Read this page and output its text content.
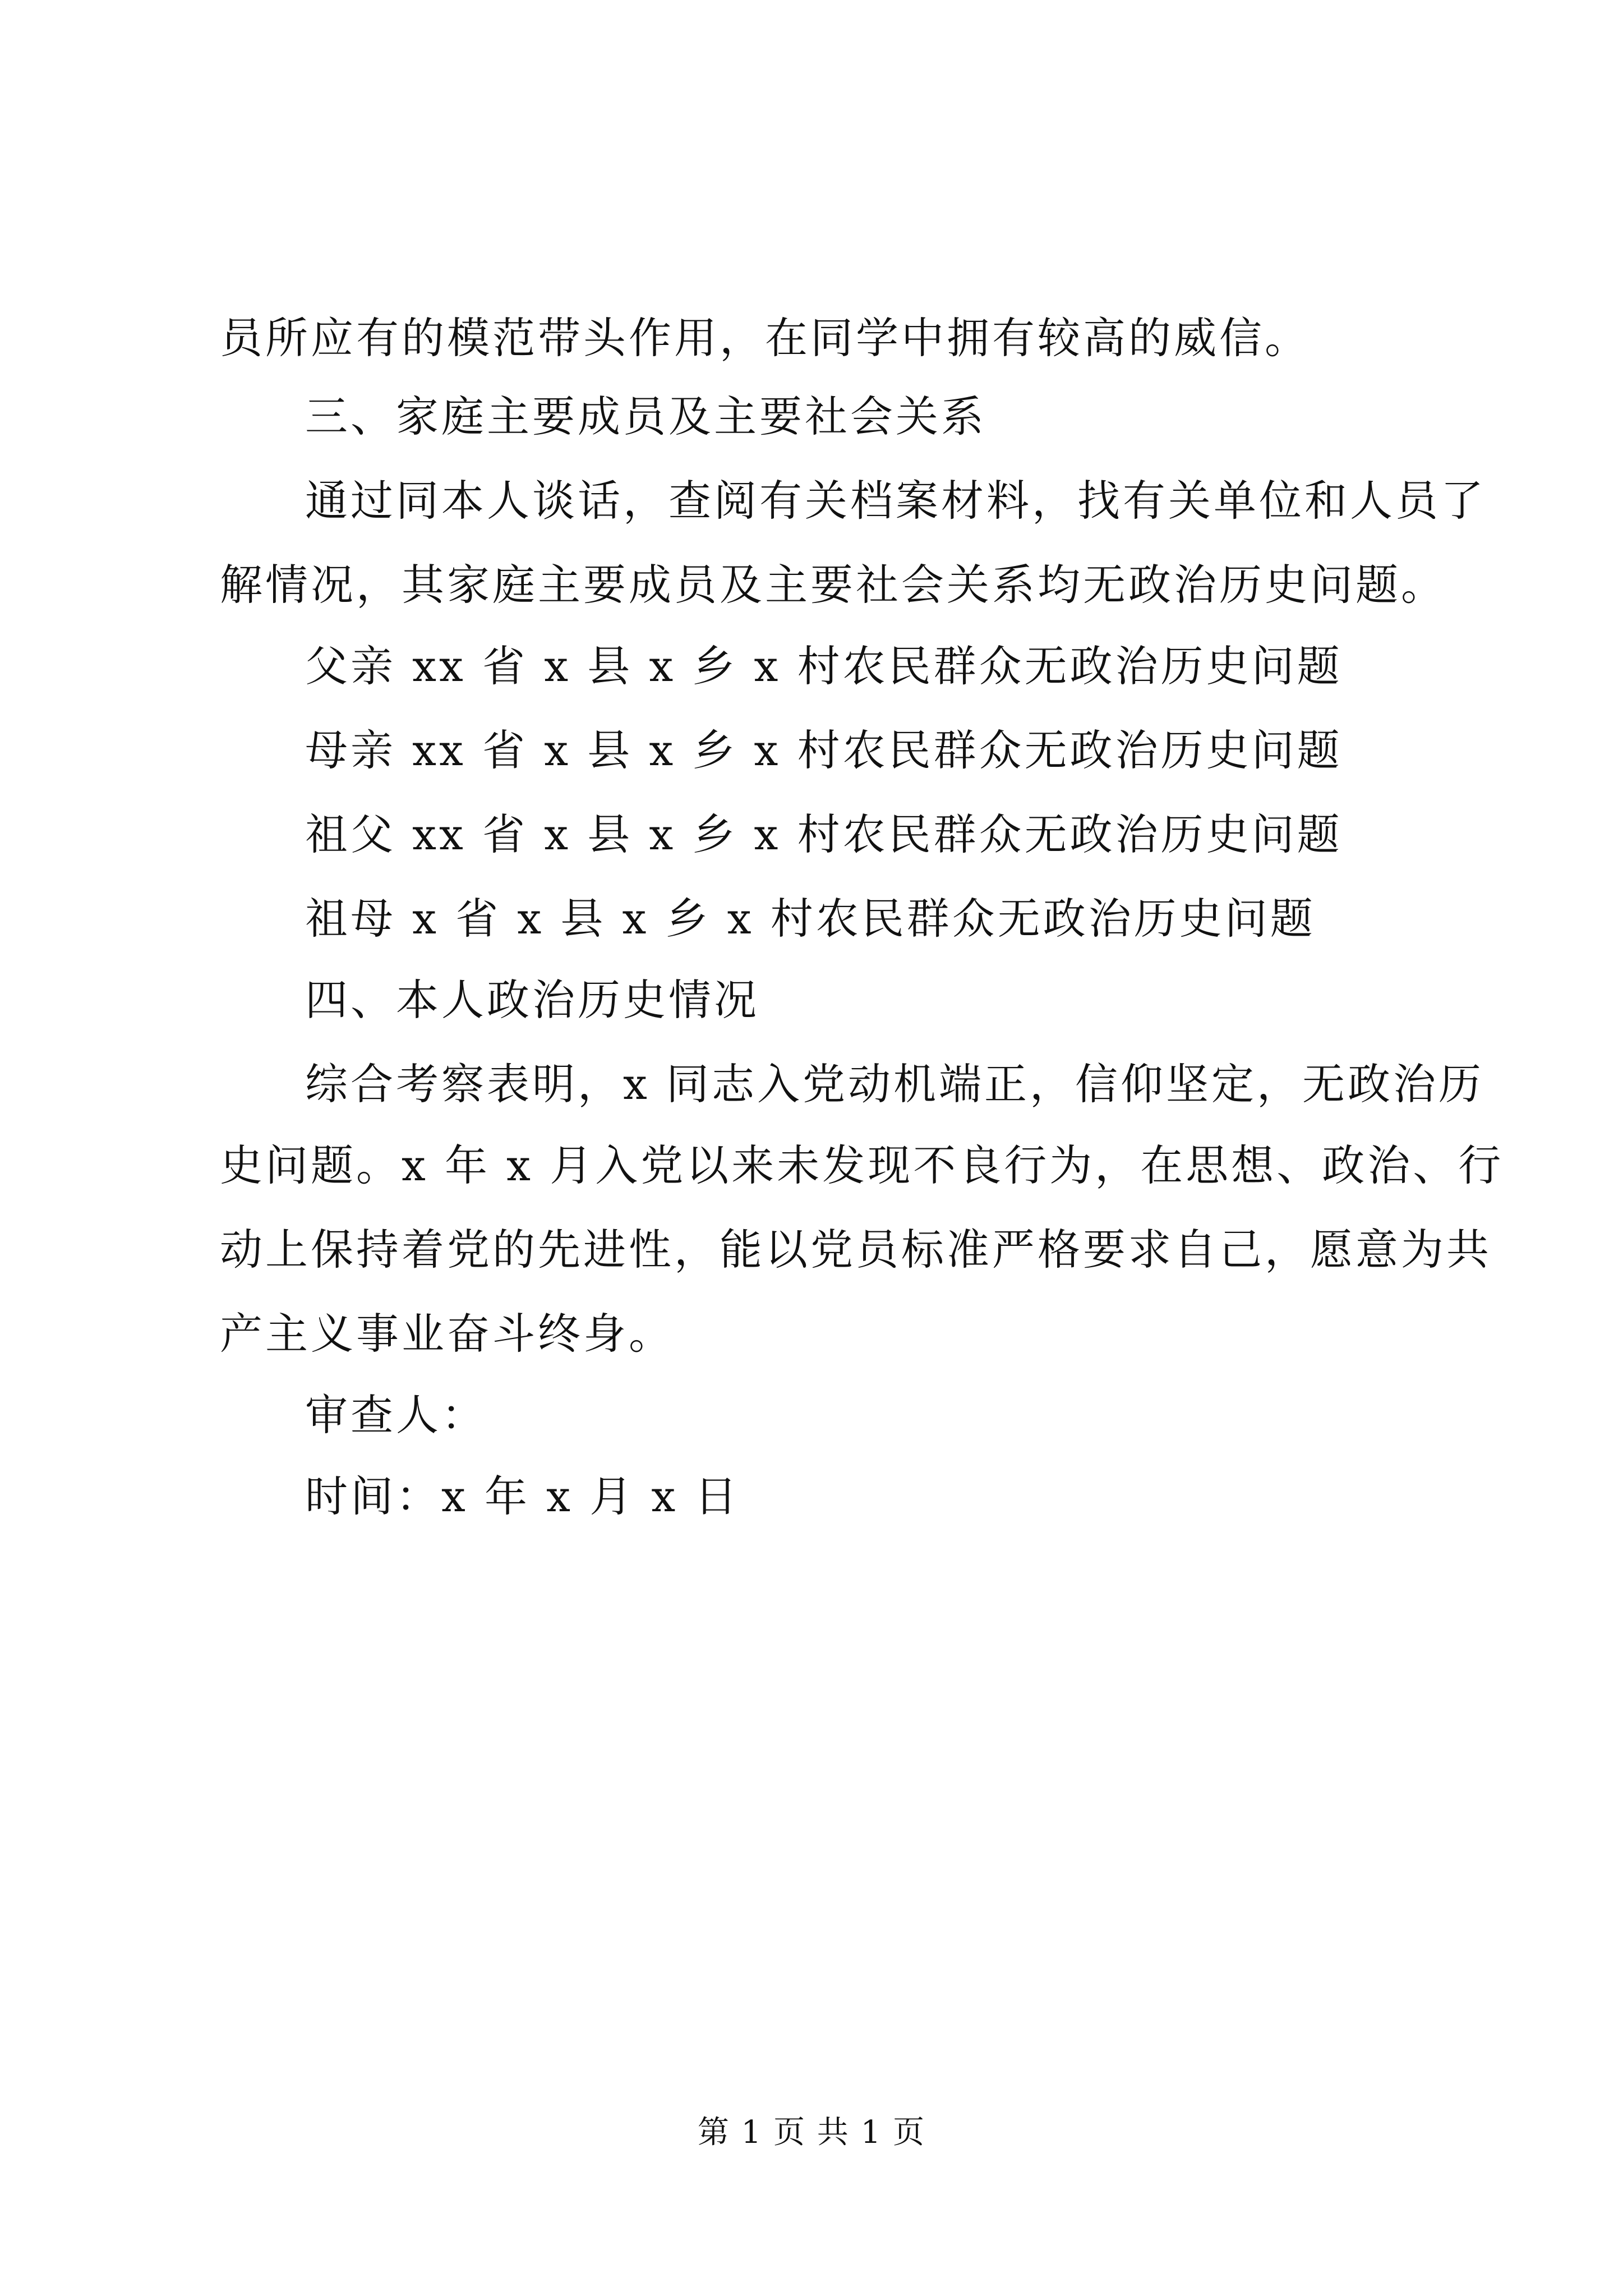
员所应有的模范带头作用，在同学中拥有较高的威信。
三、家庭主要成员及主要社会关系
通过同本人谈话，查阅有关档案材料，找有关单位和人员了
解情况，其家庭主要成员及主要社会关系均无政治历史问题。
父亲 xx 省 x 县 x 乡 x 村农民群众无政治历史问题
母亲 xx 省 x 县 x 乡 x 村农民群众无政治历史问题
祖父 xx 省 x 县 x 乡 x 村农民群众无政治历史问题
祖母 x 省 x 县 x 乡 x 村农民群众无政治历史问题
四、本人政治历史情况
综合考察表明，x 同志入党动机端正，信仰坚定，无政治历
史问题。x 年 x 月入党以来未发现不良行为，在思想、政治、行
动上保持着党的先进性，能以党员标准严格要求自己，愿意为共
产主义事业奋斗终身。
审查人：
时间：x 年 x 月 x 日
第 1 页 共 1 页
